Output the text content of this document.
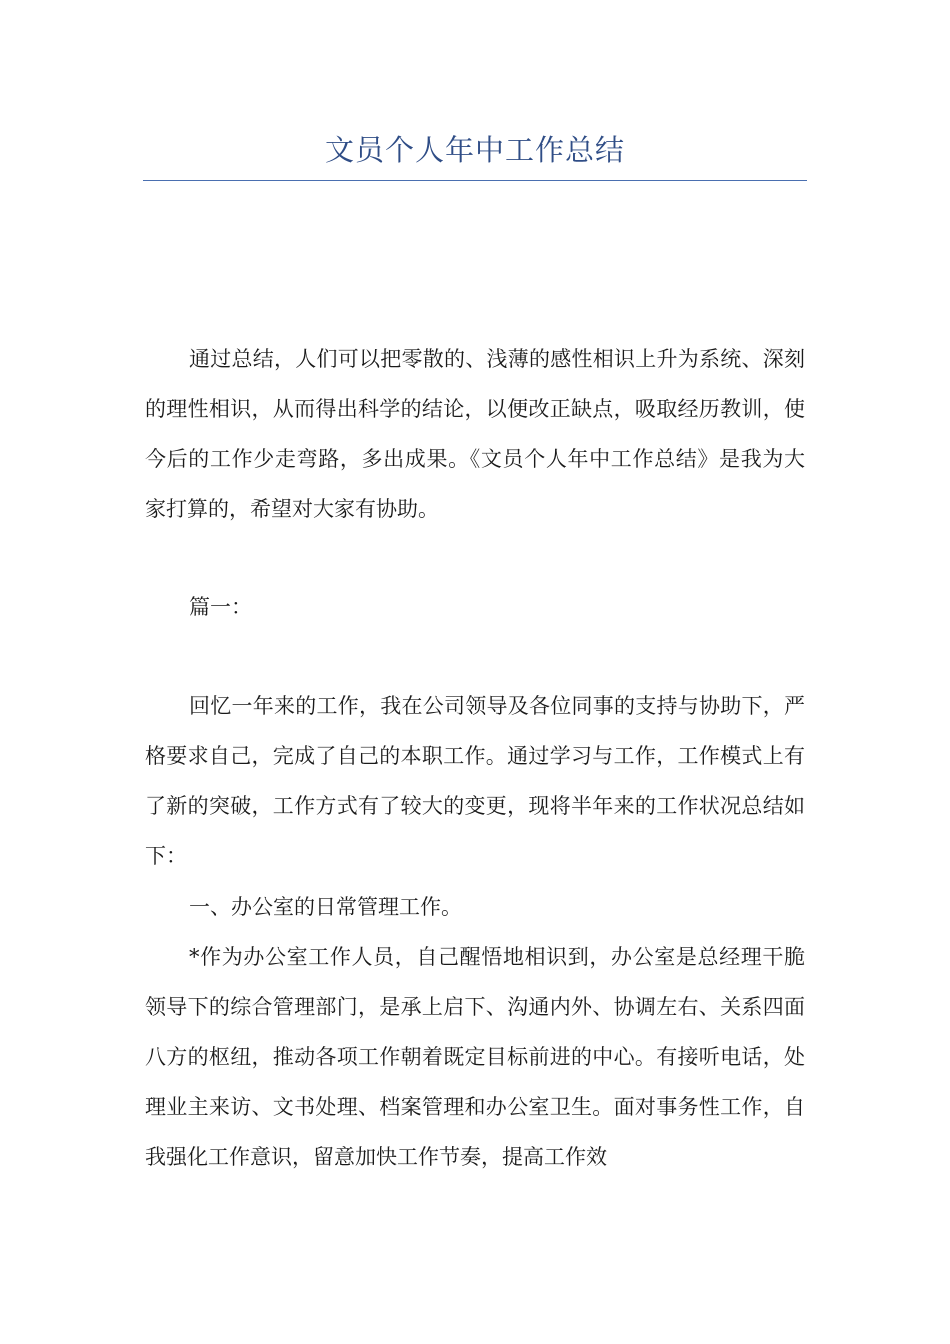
文员个人年中工作总结

通过总结，人们可以把零散的、浅薄的感性相识上升为系统、深刻的理性相识，从而得出科学的结论，以便改正缺点，吸取经历教训，使今后的工作少走弯路，多出成果。《文员个人年中工作总结》是我为大家打算的，希望对大家有协助。

篇一：

回忆一年来的工作，我在公司领导及各位同事的支持与协助下，严格要求自己，完成了自己的本职工作。通过学习与工作，工作模式上有了新的突破，工作方式有了较大的变更，现将半年来的工作状况总结如下：

一、办公室的日常管理工作。

*作为办公室工作人员，自己醒悟地相识到，办公室是总经理干脆领导下的综合管理部门，是承上启下、沟通内外、协调左右、关系四面八方的枢纽，推动各项工作朝着既定目标前进的中心。有接听电话，处理业主来访、文书处理、档案管理和办公室卫生。面对事务性工作，自我强化工作意识，留意加快工作节奏，提高工作效
